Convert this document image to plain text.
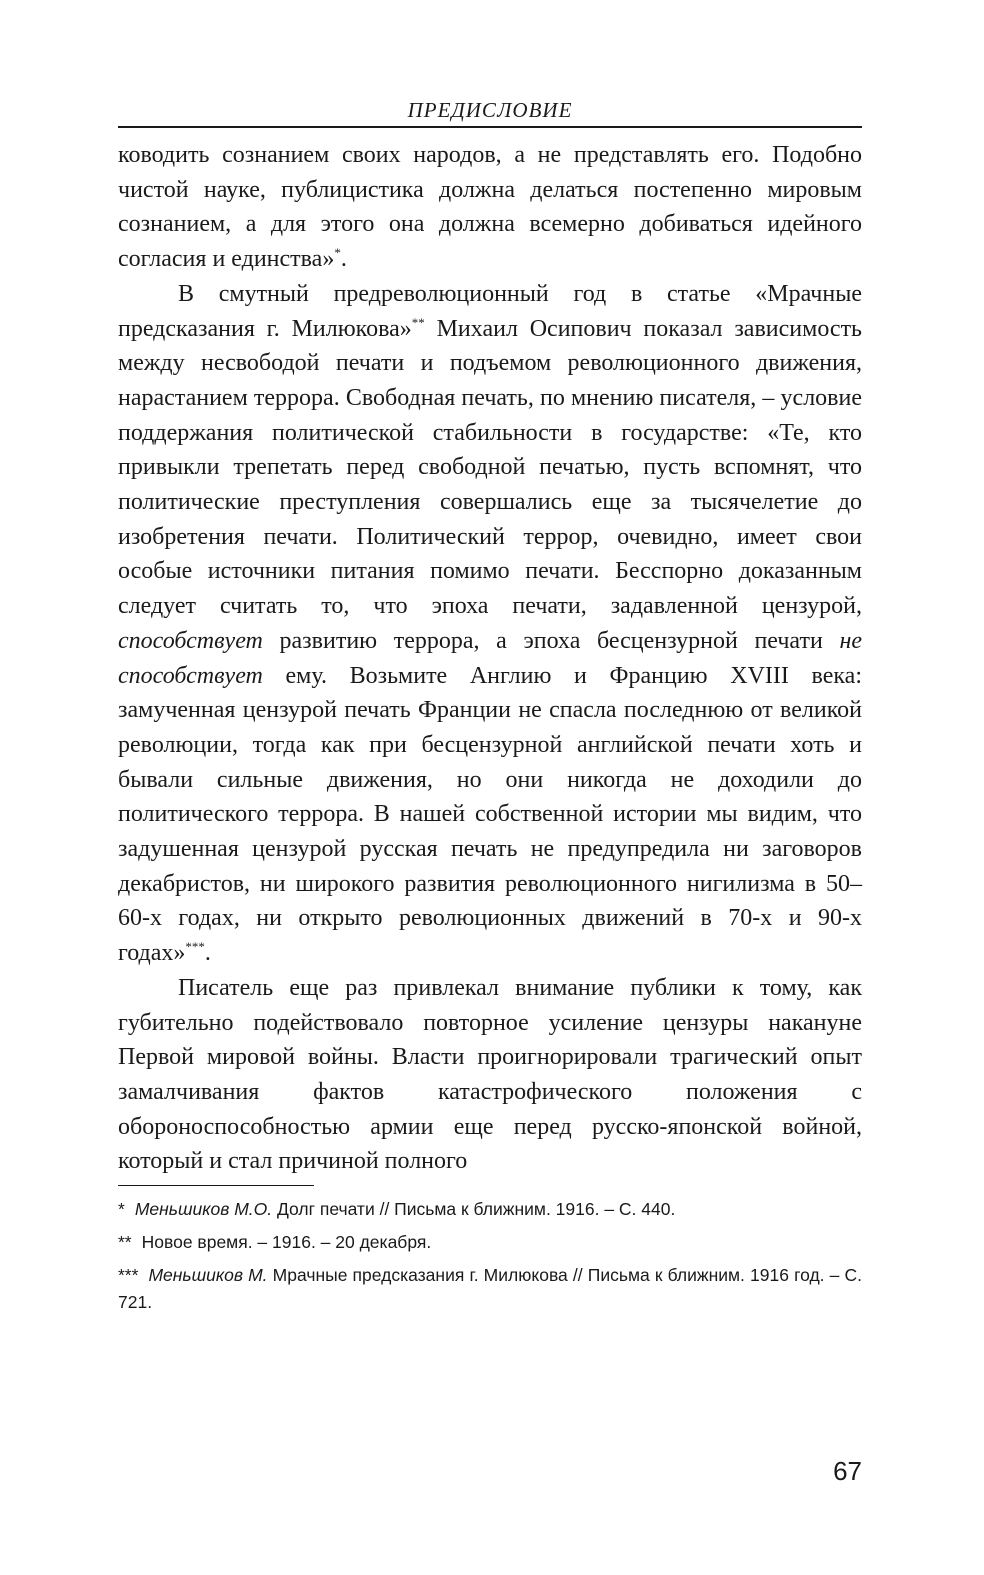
ПРЕДИСЛОВИЕ

ководить сознанием своих народов, а не представлять его. Подобно чистой науке, публицистика должна делаться постепенно мировым сознанием, а для этого она должна всемерно добиваться идейного согласия и единства»*.

В смутный предреволюционный год в статье «Мрачные предсказания г. Милюкова»** Михаил Осипович показал зависимость между несвободой печати и подъемом революционного движения, нарастанием террора. Свободная печать, по мнению писателя, – условие поддержания политической стабильности в государстве: «Те, кто привыкли трепетать перед свободной печатью, пусть вспомнят, что политические преступления совершались еще за тысячелетие до изобретения печати. Политический террор, очевидно, имеет свои особые источники питания помимо печати. Бесспорно доказанным следует считать то, что эпоха печати, задавленной цензурой, способствует развитию террора, а эпоха бесцензурной печати не способствует ему. Возьмите Англию и Францию XVIII века: замученная цензурой печать Франции не спасла последнюю от великой революции, тогда как при бесцензурной английской печати хоть и бывали сильные движения, но они никогда не доходили до политического террора. В нашей собственной истории мы видим, что задушенная цензурой русская печать не предупредила ни заговоров декабристов, ни широкого развития революционного нигилизма в 50–60-х годах, ни открыто революционных движений в 70-х и 90-х годах»***.

Писатель еще раз привлекал внимание публики к тому, как губительно подействовало повторное усиление цензуры накануне Первой мировой войны. Власти проигнорировали трагический опыт замалчивания фактов катастрофического положения с обороноспособностью армии еще перед русско-японской войной, который и стал причиной полного

* Меньшиков М.О. Долг печати // Письма к ближним. 1916. – С. 440.

** Новое время. – 1916. – 20 декабря.

*** Меньшиков М. Мрачные предсказания г. Милюкова // Письма к ближним. 1916 год. – С. 721.

67
